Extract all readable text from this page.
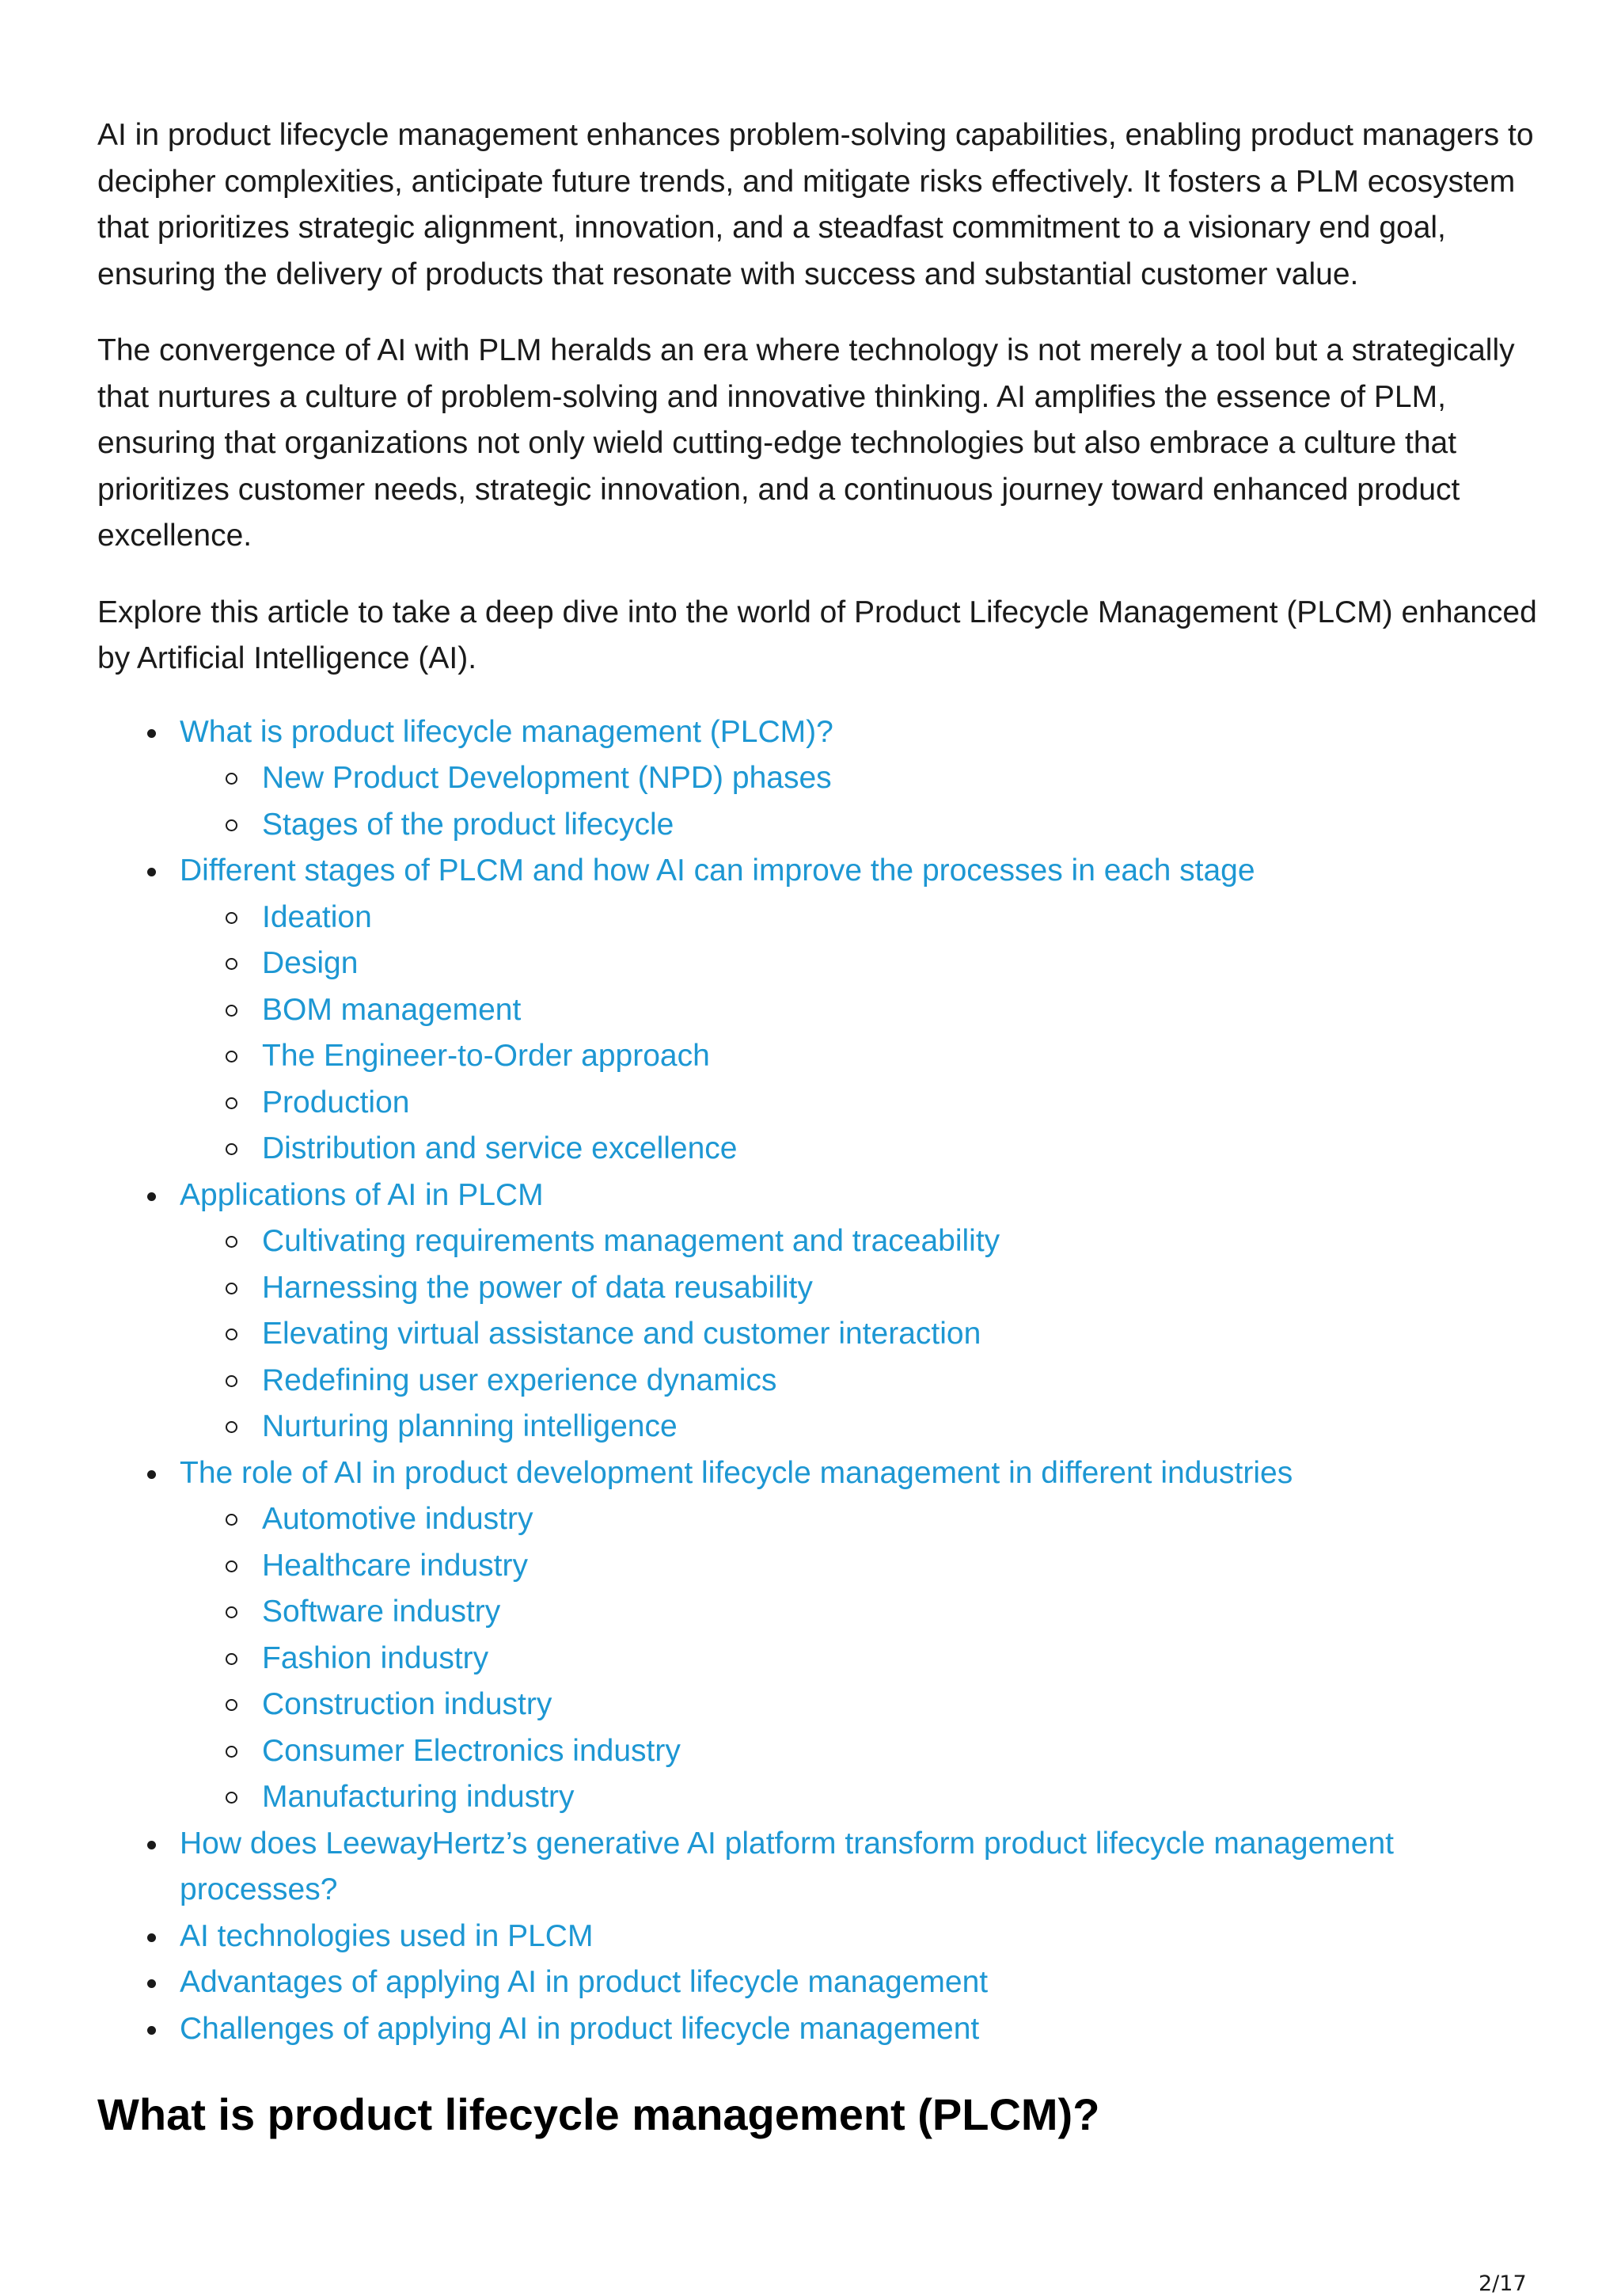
AI in product lifecycle management enhances problem-solving capabilities, enabling product managers to decipher complexities, anticipate future trends, and mitigate risks effectively. It fosters a PLM ecosystem that prioritizes strategic alignment, innovation, and a steadfast commitment to a visionary end goal, ensuring the delivery of products that resonate with success and substantial customer value.

The convergence of AI with PLM heralds an era where technology is not merely a tool but a strategically that nurtures a culture of problem-solving and innovative thinking. AI amplifies the essence of PLM, ensuring that organizations not only wield cutting-edge technologies but also embrace a culture that prioritizes customer needs, strategic innovation, and a continuous journey toward enhanced product excellence.

Explore this article to take a deep dive into the world of Product Lifecycle Management (PLCM) enhanced by Artificial Intelligence (AI).

What is product lifecycle management (PLCM)?
New Product Development (NPD) phases
Stages of the product lifecycle
Different stages of PLCM and how AI can improve the processes in each stage
Ideation
Design
BOM management
The Engineer-to-Order approach
Production
Distribution and service excellence
Applications of AI in PLCM
Cultivating requirements management and traceability
Harnessing the power of data reusability
Elevating virtual assistance and customer interaction
Redefining user experience dynamics
Nurturing planning intelligence
The role of AI in product development lifecycle management in different industries
Automotive industry
Healthcare industry
Software industry
Fashion industry
Construction industry
Consumer Electronics industry
Manufacturing industry
How does LeewayHertz’s generative AI platform transform product lifecycle management processes?
AI technologies used in PLCM
Advantages of applying AI in product lifecycle management
Challenges of applying AI in product lifecycle management
What is product lifecycle management (PLCM)?
2/17
